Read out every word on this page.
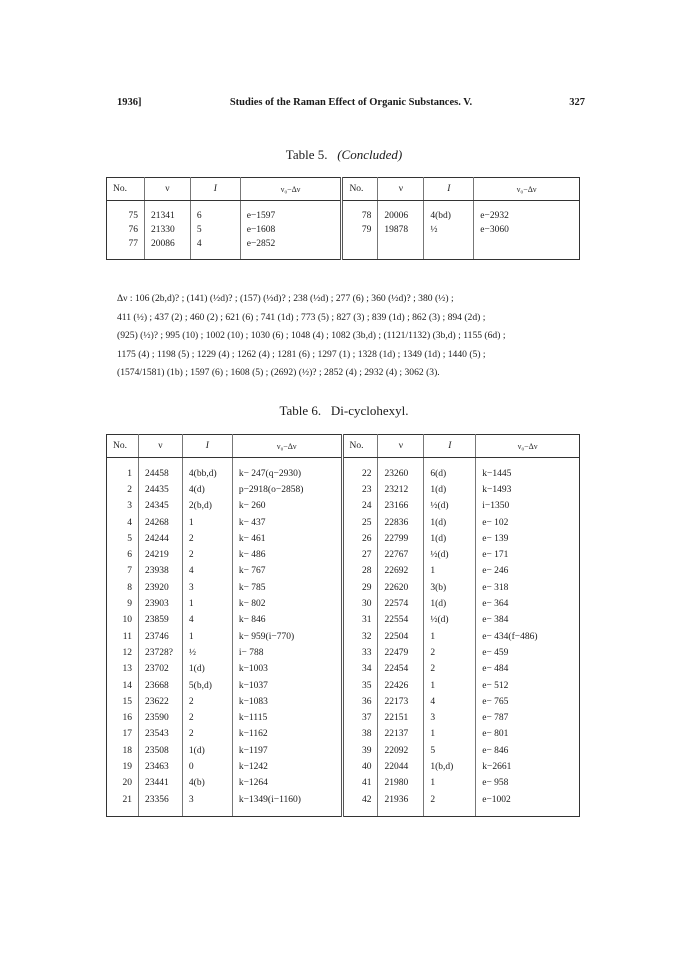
1936]	Studies of the Raman Effect of Organic Substances. V.	327
Table 5. (Concluded)
No.	ν	I	ν₀−Δν	No.	ν	I	ν₀−Δν

75	21341	6	e−1597	78	20006	4(bd)	e−2932
76	21330	5	e−1608	79	19878	½	e−3060
77	20086	4	e−2852				

Δν : 106 (2b,d)? ; (141) (½d)? ; (157) (½d)? ; 238 (½d) ; 277 (6) ; 360 (½d)? ; 380 (½) ;

411 (½) ; 437 (2) ; 460 (2) ; 621 (6) ; 741 (1d) ; 773 (5) ; 827 (3) ; 839 (1d) ; 862 (3) ; 894 (2d) ;

(925) (½)? ; 995 (10) ; 1002 (10) ; 1030 (6) ; 1048 (4) ; 1082 (3b,d) ; (1121/1132) (3b,d) ; 1155 (6d) ;

1175 (4) ; 1198 (5) ; 1229 (4) ; 1262 (4) ; 1281 (6) ; 1297 (1) ; 1328 (1d) ; 1349 (1d) ; 1440 (5) ;

(1574/1581) (1b) ; 1597 (6) ; 1608 (5) ; (2692) (½)? ; 2852 (4) ; 2932 (4) ; 3062 (3).

Table 6. Di-cyclohexyl.
No.	ν	I	ν₀−Δν	No.	ν	I	ν₀−Δν

1	24458	4(bb,d)	k− 247(q−2930)	22	23260	6(d)	k−1445
2	24435	4(d)	p−2918(o−2858)	23	23212	1(d)	k−1493
3	24345	2(b,d)	k− 260	24	23166	½(d)	i−1350
4	24268	1	k− 437	25	22836	1(d)	e− 102
5	24244	2	k− 461	26	22799	1(d)	e− 139
6	24219	2	k− 486	27	22767	½(d)	e− 171
7	23938	4	k− 767	28	22692	1	e− 246
8	23920	3	k− 785	29	22620	3(b)	e− 318
9	23903	1	k− 802	30	22574	1(d)	e− 364
10	23859	4	k− 846	31	22554	½(d)	e− 384
11	23746	1	k− 959(i−770)	32	22504	1	e− 434(f−486)
12	23728?	½	i− 788	33	22479	2	e− 459
13	23702	1(d)	k−1003	34	22454	2	e− 484
14	23668	5(b,d)	k−1037	35	22426	1	e− 512
15	23622	2	k−1083	36	22173	4	e− 765
16	23590	2	k−1115	37	22151	3	e− 787
17	23543	2	k−1162	38	22137	1	e− 801
18	23508	1(d)	k−1197	39	22092	5	e− 846
19	23463	0	k−1242	40	22044	1(b,d)	k−2661
20	23441	4(b)	k−1264	41	21980	1	e− 958
21	23356	3	k−1349(i−1160)	42	21936	2	e−1002
